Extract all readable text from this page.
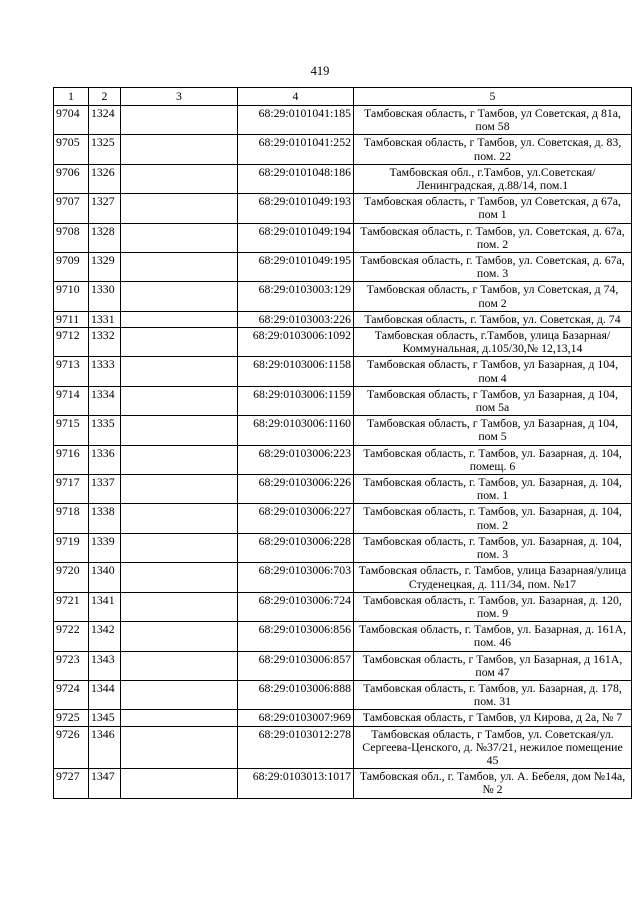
419
1	2	3	4	5
9704	1324		68:29:0101041:185	Тамбовская область, г Тамбов, ул Советская, д 81а, пом 58
9705	1325		68:29:0101041:252	Тамбовская область, г Тамбов, ул. Советская, д. 83, пом. 22
9706	1326		68:29:0101048:186	Тамбовская обл., г.Тамбов, ул.Советская/Ленинградская, д.88/14, пом.1
9707	1327		68:29:0101049:193	Тамбовская область, г Тамбов, ул Советская, д 67а, пом 1
9708	1328		68:29:0101049:194	Тамбовская область, г. Тамбов, ул. Советская, д. 67а, пом. 2
9709	1329		68:29:0101049:195	Тамбовская область, г. Тамбов, ул. Советская, д. 67а, пом. 3
9710	1330		68:29:0103003:129	Тамбовская область, г Тамбов, ул Советская, д 74, пом 2
9711	1331		68:29:0103003:226	Тамбовская область, г. Тамбов, ул. Советская, д. 74
9712	1332		68:29:0103006:1092	Тамбовская область, г.Тамбов, улица Базарная/Коммунальная, д.105/30,№ 12,13,14
9713	1333		68:29:0103006:1158	Тамбовская область, г Тамбов, ул Базарная, д 104, пом 4
9714	1334		68:29:0103006:1159	Тамбовская область, г Тамбов, ул Базарная, д 104, пом 5а
9715	1335		68:29:0103006:1160	Тамбовская область, г Тамбов, ул Базарная, д 104, пом 5
9716	1336		68:29:0103006:223	Тамбовская область, г. Тамбов, ул. Базарная, д. 104, помещ. 6
9717	1337		68:29:0103006:226	Тамбовская область, г. Тамбов, ул. Базарная, д. 104, пом. 1
9718	1338		68:29:0103006:227	Тамбовская область, г. Тамбов, ул. Базарная, д. 104, пом. 2
9719	1339		68:29:0103006:228	Тамбовская область, г. Тамбов, ул. Базарная, д. 104, пом. 3
9720	1340		68:29:0103006:703	Тамбовская область, г. Тамбов, улица Базарная/улица Студенецкая, д. 111/34, пом. №17
9721	1341		68:29:0103006:724	Тамбовская область, г. Тамбов, ул. Базарная, д. 120, пом. 9
9722	1342		68:29:0103006:856	Тамбовская область, г. Тамбов, ул. Базарная, д. 161А, пом. 46
9723	1343		68:29:0103006:857	Тамбовская область, г Тамбов, ул Базарная, д 161А, пом 47
9724	1344		68:29:0103006:888	Тамбовская область, г. Тамбов, ул. Базарная, д. 178, пом. 31
9725	1345		68:29:0103007:969	Тамбовская область, г Тамбов, ул Кирова, д 2а, № 7
9726	1346		68:29:0103012:278	Тамбовская область, г Тамбов, ул. Советская/ул. Сергеева-Ценского, д. №37/21, нежилое помещение 45
9727	1347		68:29:0103013:1017	Тамбовская обл., г. Тамбов, ул. А. Бебеля, дом №14а, № 2
